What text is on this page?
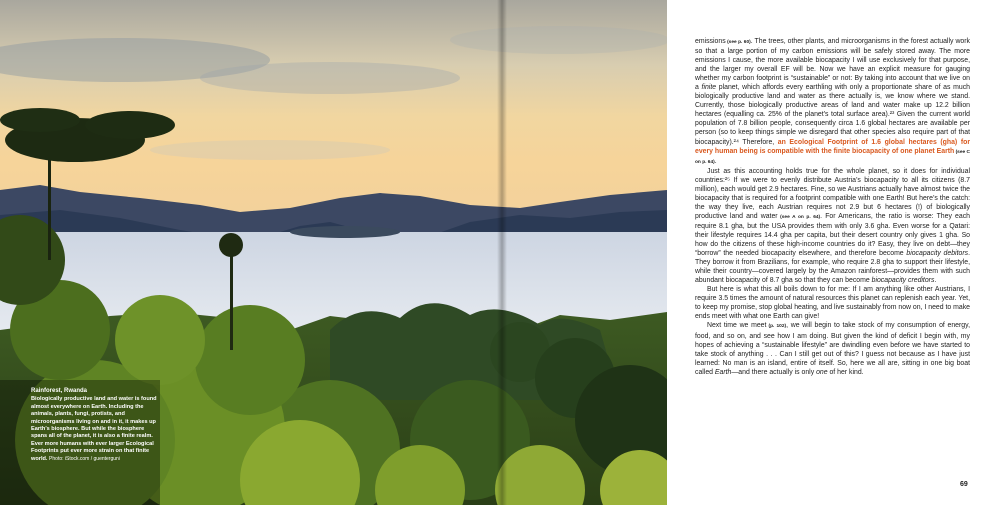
Rainforest, Rwanda
Biologically productive land and water is found almost everywhere on Earth. Including the animals, plants, fungi, protists, and microorganisms living on and in it, it makes up Earth’s biosphere. But while the biosphere spans all of the planet, it is also a finite realm. Ever more humans with ever larger Ecological Footprints put ever more strain on that finite world. Photo: iStock.com / guenterguni

emissions (see p. 60). The trees, other plants, and microorganisms in the forest actually work so that a large portion of my carbon emissions will be safely stored away. The more emissions I cause, the more available biocapacity I will use exclusively for that purpose, and the larger my overall EF will be. Now we have an explicit measure for gauging whether my carbon footprint is “sustainable” or not: By taking into account that we live on a finite planet, which affords every earthling with only a proportionate share of as much biologically productive land and water as there actually is, we know where we stand. Currently, those biologically productive areas of land and water make up 12.2 billion hectares (equalling ca. 25% of the planet’s total surface area).²³ Given the current world population of 7.8 billion people, consequently circa 1.6 global hectares are available per person (so to keep things simple we disregard that other species also require part of that biocapacity).²⁴ Therefore, an Ecological Footprint of 1.6 global hectares (gha) for every human being is compatible with the finite biocapacity of one planet Earth (see C on p. 64).

Just as this accounting holds true for the whole planet, so it does for individual countries:²⁵ If we were to evenly distribute Austria’s biocapacity to all its citizens (8.7 million), each would get 2.9 hectares. Fine, so we Austrians actually have almost twice the biocapacity that is required for a footprint compatible with one Earth! But here’s the catch: the way they live, each Austrian requires not 2.9 but 6 hectares (!) of biologically productive land and water (see A on p. 64). For Americans, the ratio is worse: They each require 8.1 gha, but the USA provides them with only 3.6 gha. Even worse for a Qatari: their lifestyle requires 14.4 gha per capita, but their desert country only gives 1 gha. So how do the citizens of these high-income countries do it? Easy, they live on debt—they “borrow” the needed biocapacity elsewhere, and therefore become biocapacity debitors. They borrow it from Brazilians, for example, who require 2.8 gha to support their lifestyle, while their country—covered largely by the Amazon rainforest—provides them with such abundant biocapacity of 8.7 gha so that they can become biocapacity creditors.

But here is what this all boils down to for me: If I am anything like other Austrians, I require 3.5 times the amount of natural resources this planet can replenish each year. Yet, to keep my promise, stop global heating, and live sustainably from now on, I need to make ends meet with what one Earth can give!

Next time we meet (p. 102), we will begin to take stock of my consumption of energy, food, and so on, and see how I am doing. But given the kind of deficit I begin with, my hopes of achieving a “sustainable lifestyle” are dwindling even before we have started to take stock of anything . . . Can I still get out of this? I guess not because as I have just learned: No man is an island, entire of itself. So, here we all are, sitting in one big boat called Earth—and there actually is only one of her kind.

69
